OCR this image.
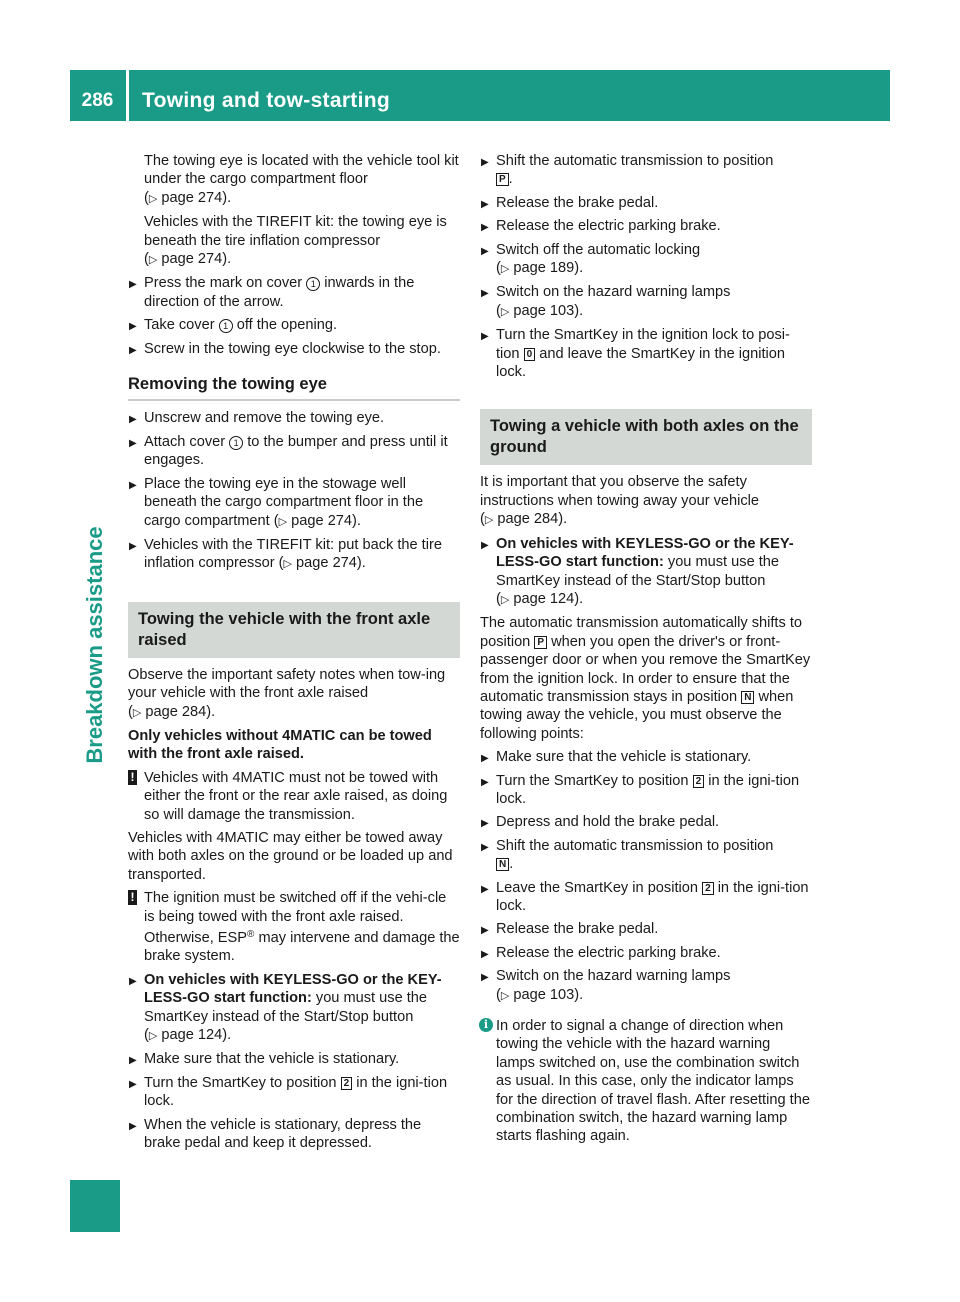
286	Towing and tow-starting
Breakdown assistance

The towing eye is located with the vehicle tool kit under the cargo compartment floor
(▷ page 274).

Vehicles with the TIREFIT kit: the towing eye is beneath the tire inflation compressor
(▷ page 274).

▶ Press the mark on cover 1 inwards in the direction of the arrow.
▶ Take cover 1 off the opening.
▶ Screw in the towing eye clockwise to the stop.
Removing the towing eye
▶ Unscrew and remove the towing eye.
▶ Attach cover 1 to the bumper and press until it engages.
▶ Place the towing eye in the stowage well beneath the cargo compartment floor in the cargo compartment (▷ page 274).
▶ Vehicles with the TIREFIT kit: put back the tire inflation compressor (▷ page 274).
Towing the vehicle with the front axle raised

Observe the important safety notes when tow-ing your vehicle with the front axle raised
(▷ page 284).

Only vehicles without 4MATIC can be towed with the front axle raised.

! Vehicles with 4MATIC must not be towed with either the front or the rear axle raised, as doing so will damage the transmission.

Vehicles with 4MATIC may either be towed away with both axles on the ground or be loaded up and transported.

! The ignition must be switched off if the vehi-cle is being towed with the front axle raised. Otherwise, ESP® may intervene and damage the brake system.
▶ On vehicles with KEYLESS-GO or the KEY-LESS-GO start function: you must use the SmartKey instead of the Start/Stop button
(▷ page 124).
▶ Make sure that the vehicle is stationary.
▶ Turn the SmartKey to position 2 in the igni-tion lock.
▶ When the vehicle is stationary, depress the brake pedal and keep it depressed.
▶ Shift the automatic transmission to position
P .
▶ Release the brake pedal.
▶ Release the electric parking brake.
▶ Switch off the automatic locking
(▷ page 189).
▶ Switch on the hazard warning lamps
(▷ page 103).
▶ Turn the SmartKey in the ignition lock to posi-tion 0 and leave the SmartKey in the ignition lock.
Towing a vehicle with both axles on the ground

It is important that you observe the safety instructions when towing away your vehicle
(▷ page 284).

▶ On vehicles with KEYLESS-GO or the KEY-LESS-GO start function: you must use the SmartKey instead of the Start/Stop button
(▷ page 124).

The automatic transmission automatically shifts to position P when you open the driver's or front-passenger door or when you remove the SmartKey from the ignition lock. In order to ensure that the automatic transmission stays in position N when towing away the vehicle, you must observe the following points:

▶ Make sure that the vehicle is stationary.
▶ Turn the SmartKey to position 2 in the igni-tion lock.
▶ Depress and hold the brake pedal.
▶ Shift the automatic transmission to position
N .
▶ Leave the SmartKey in position 2 in the igni-tion lock.
▶ Release the brake pedal.
▶ Release the electric parking brake.
▶ Switch on the hazard warning lamps
(▷ page 103).
i In order to signal a change of direction when towing the vehicle with the hazard warning lamps switched on, use the combination switch as usual. In this case, only the indicator lamps for the direction of travel flash. After resetting the combination switch, the hazard warning lamp starts flashing again.
